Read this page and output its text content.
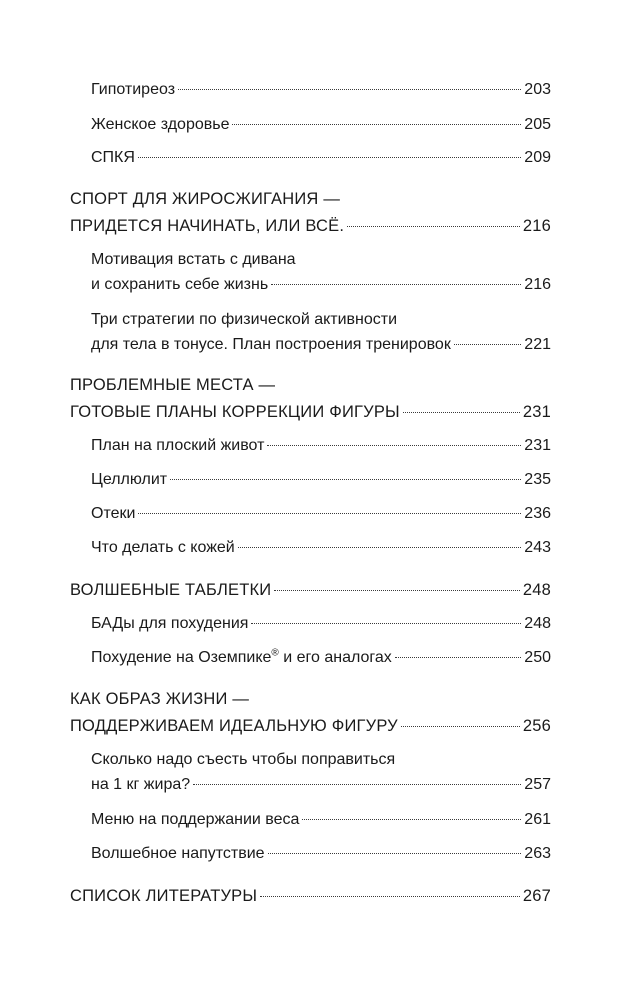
Гипотиреоз	203
Женское здоровье	205
СПКЯ	209
СПОРТ ДЛЯ ЖИРОСЖИГАНИЯ —
ПРИДЕТСЯ НАЧИНАТЬ, ИЛИ ВСЁ.	216
Мотивация встать с дивана
и сохранить себе жизнь	216
Три стратегии по физической активности
для тела в тонусе. План построения тренировок	221
ПРОБЛЕМНЫЕ МЕСТА —
ГОТОВЫЕ ПЛАНЫ КОРРЕКЦИИ ФИГУРЫ	231
План на плоский живот	231
Целлюлит	235
Отеки	236
Что делать с кожей	243
ВОЛШЕБНЫЕ ТАБЛЕТКИ	248
БАДы для похудения	248
Похудение на Оземпике® и его аналогах	250
КАК ОБРАЗ ЖИЗНИ —
ПОДДЕРЖИВАЕМ ИДЕАЛЬНУЮ ФИГУРУ	256
Сколько надо съесть чтобы поправиться
на 1 кг жира?	257
Меню на поддержании веса	261
Волшебное напутствие	263
СПИСОК ЛИТЕРАТУРЫ	267
